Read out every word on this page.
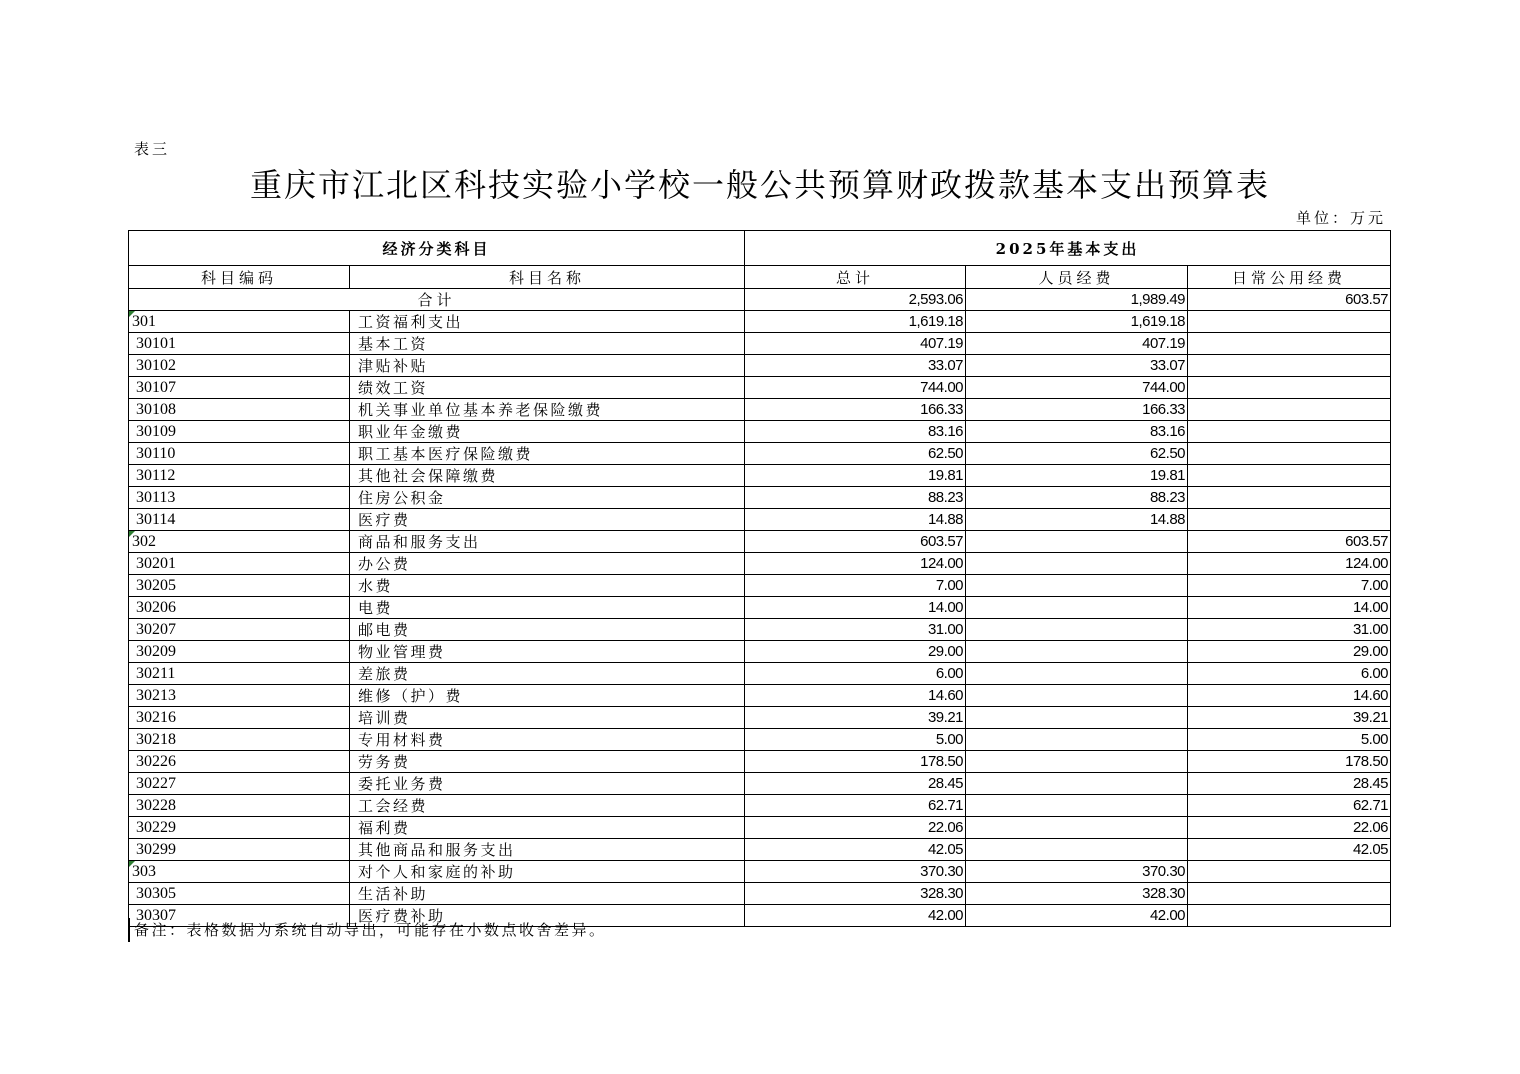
表三
重庆市江北区科技实验小学校一般公共预算财政拨款基本支出预算表
单位：万元
经济分类科目		2025年基本支出		
科目编码	科目名称	总计	人员经费	日常公用经费
合计		2,593.06	1,989.49	603.57

301	工资福利支出	1,619.18	1,619.18	
30101	基本工资	407.19	407.19	
30102	津贴补贴	33.07	33.07	
30107	绩效工资	744.00	744.00	
30108	机关事业单位基本养老保险缴费	166.33	166.33	
30109	职业年金缴费	83.16	83.16	
30110	职工基本医疗保险缴费	62.50	62.50	
30112	其他社会保障缴费	19.81	19.81	
30113	住房公积金	88.23	88.23	
30114	医疗费	14.88	14.88	

302	商品和服务支出	603.57		603.57
30201	办公费	124.00		124.00
30205	水费	7.00		7.00
30206	电费	14.00		14.00
30207	邮电费	31.00		31.00
30209	物业管理费	29.00		29.00
30211	差旅费	6.00		6.00
30213	维修（护）费	14.60		14.60
30216	培训费	39.21		39.21
30218	专用材料费	5.00		5.00
30226	劳务费	178.50		178.50
30227	委托业务费	28.45		28.45
30228	工会经费	62.71		62.71
30229	福利费	22.06		22.06
30299	其他商品和服务支出	42.05		42.05

303	对个人和家庭的补助	370.30	370.30	
30305	生活补助	328.30	328.30	
30307	医疗费补助	42.00	42.00	
备注：表格数据为系统自动导出，可能存在小数点收舍差异。
